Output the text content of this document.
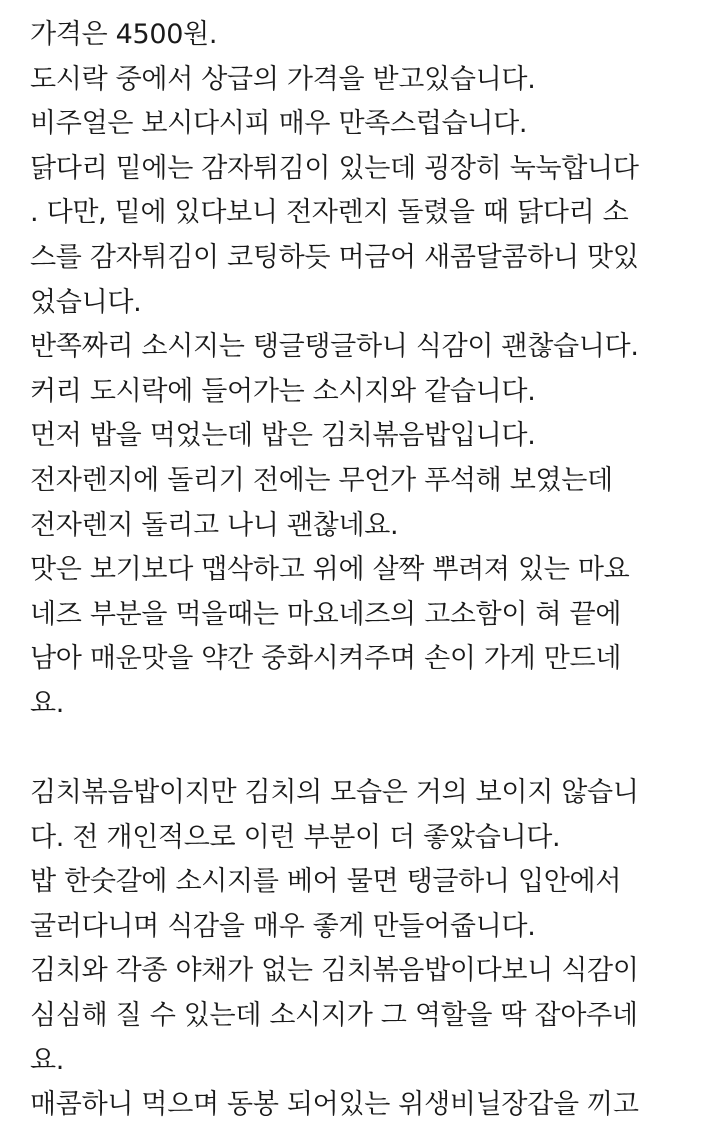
가격은 4500원.
도시락 중에서 상급의 가격을 받고있습니다.
비주얼은 보시다시피 매우 만족스럽습니다.
닭다리 밑에는 감자튀김이 있는데 굉장히 눅눅합니다
. 다만, 밑에 있다보니 전자렌지 돌렸을 때 닭다리 소
스를 감자튀김이 코팅하듯 머금어 새콤달콤하니 맛있
었습니다.
반쪽짜리 소시지는 탱글탱글하니 식감이 괜찮습니다.
커리 도시락에 들어가는 소시지와 같습니다.
먼저 밥을 먹었는데 밥은 김치볶음밥입니다.
전자렌지에 돌리기 전에는 무언가 푸석해 보였는데
전자렌지 돌리고 나니 괜찮네요.
맛은 보기보다 맵삭하고 위에 살짝 뿌려져 있는 마요
네즈 부분을 먹을때는 마요네즈의 고소함이 혀 끝에
남아 매운맛을 약간 중화시켜주며 손이 가게 만드네
요.
김치볶음밥이지만 김치의 모습은 거의 보이지 않습니
다. 전 개인적으로 이런 부분이 더 좋았습니다.
밥 한숫갈에 소시지를 베어 물면 탱글하니 입안에서
굴러다니며 식감을 매우 좋게 만들어줍니다.
김치와 각종 야채가 없는 김치볶음밥이다보니 식감이
심심해 질 수 있는데 소시지가 그 역할을 딱 잡아주네
요.
매콤하니 먹으며 동봉 되어있는 위생비닐장갑을 끼고
